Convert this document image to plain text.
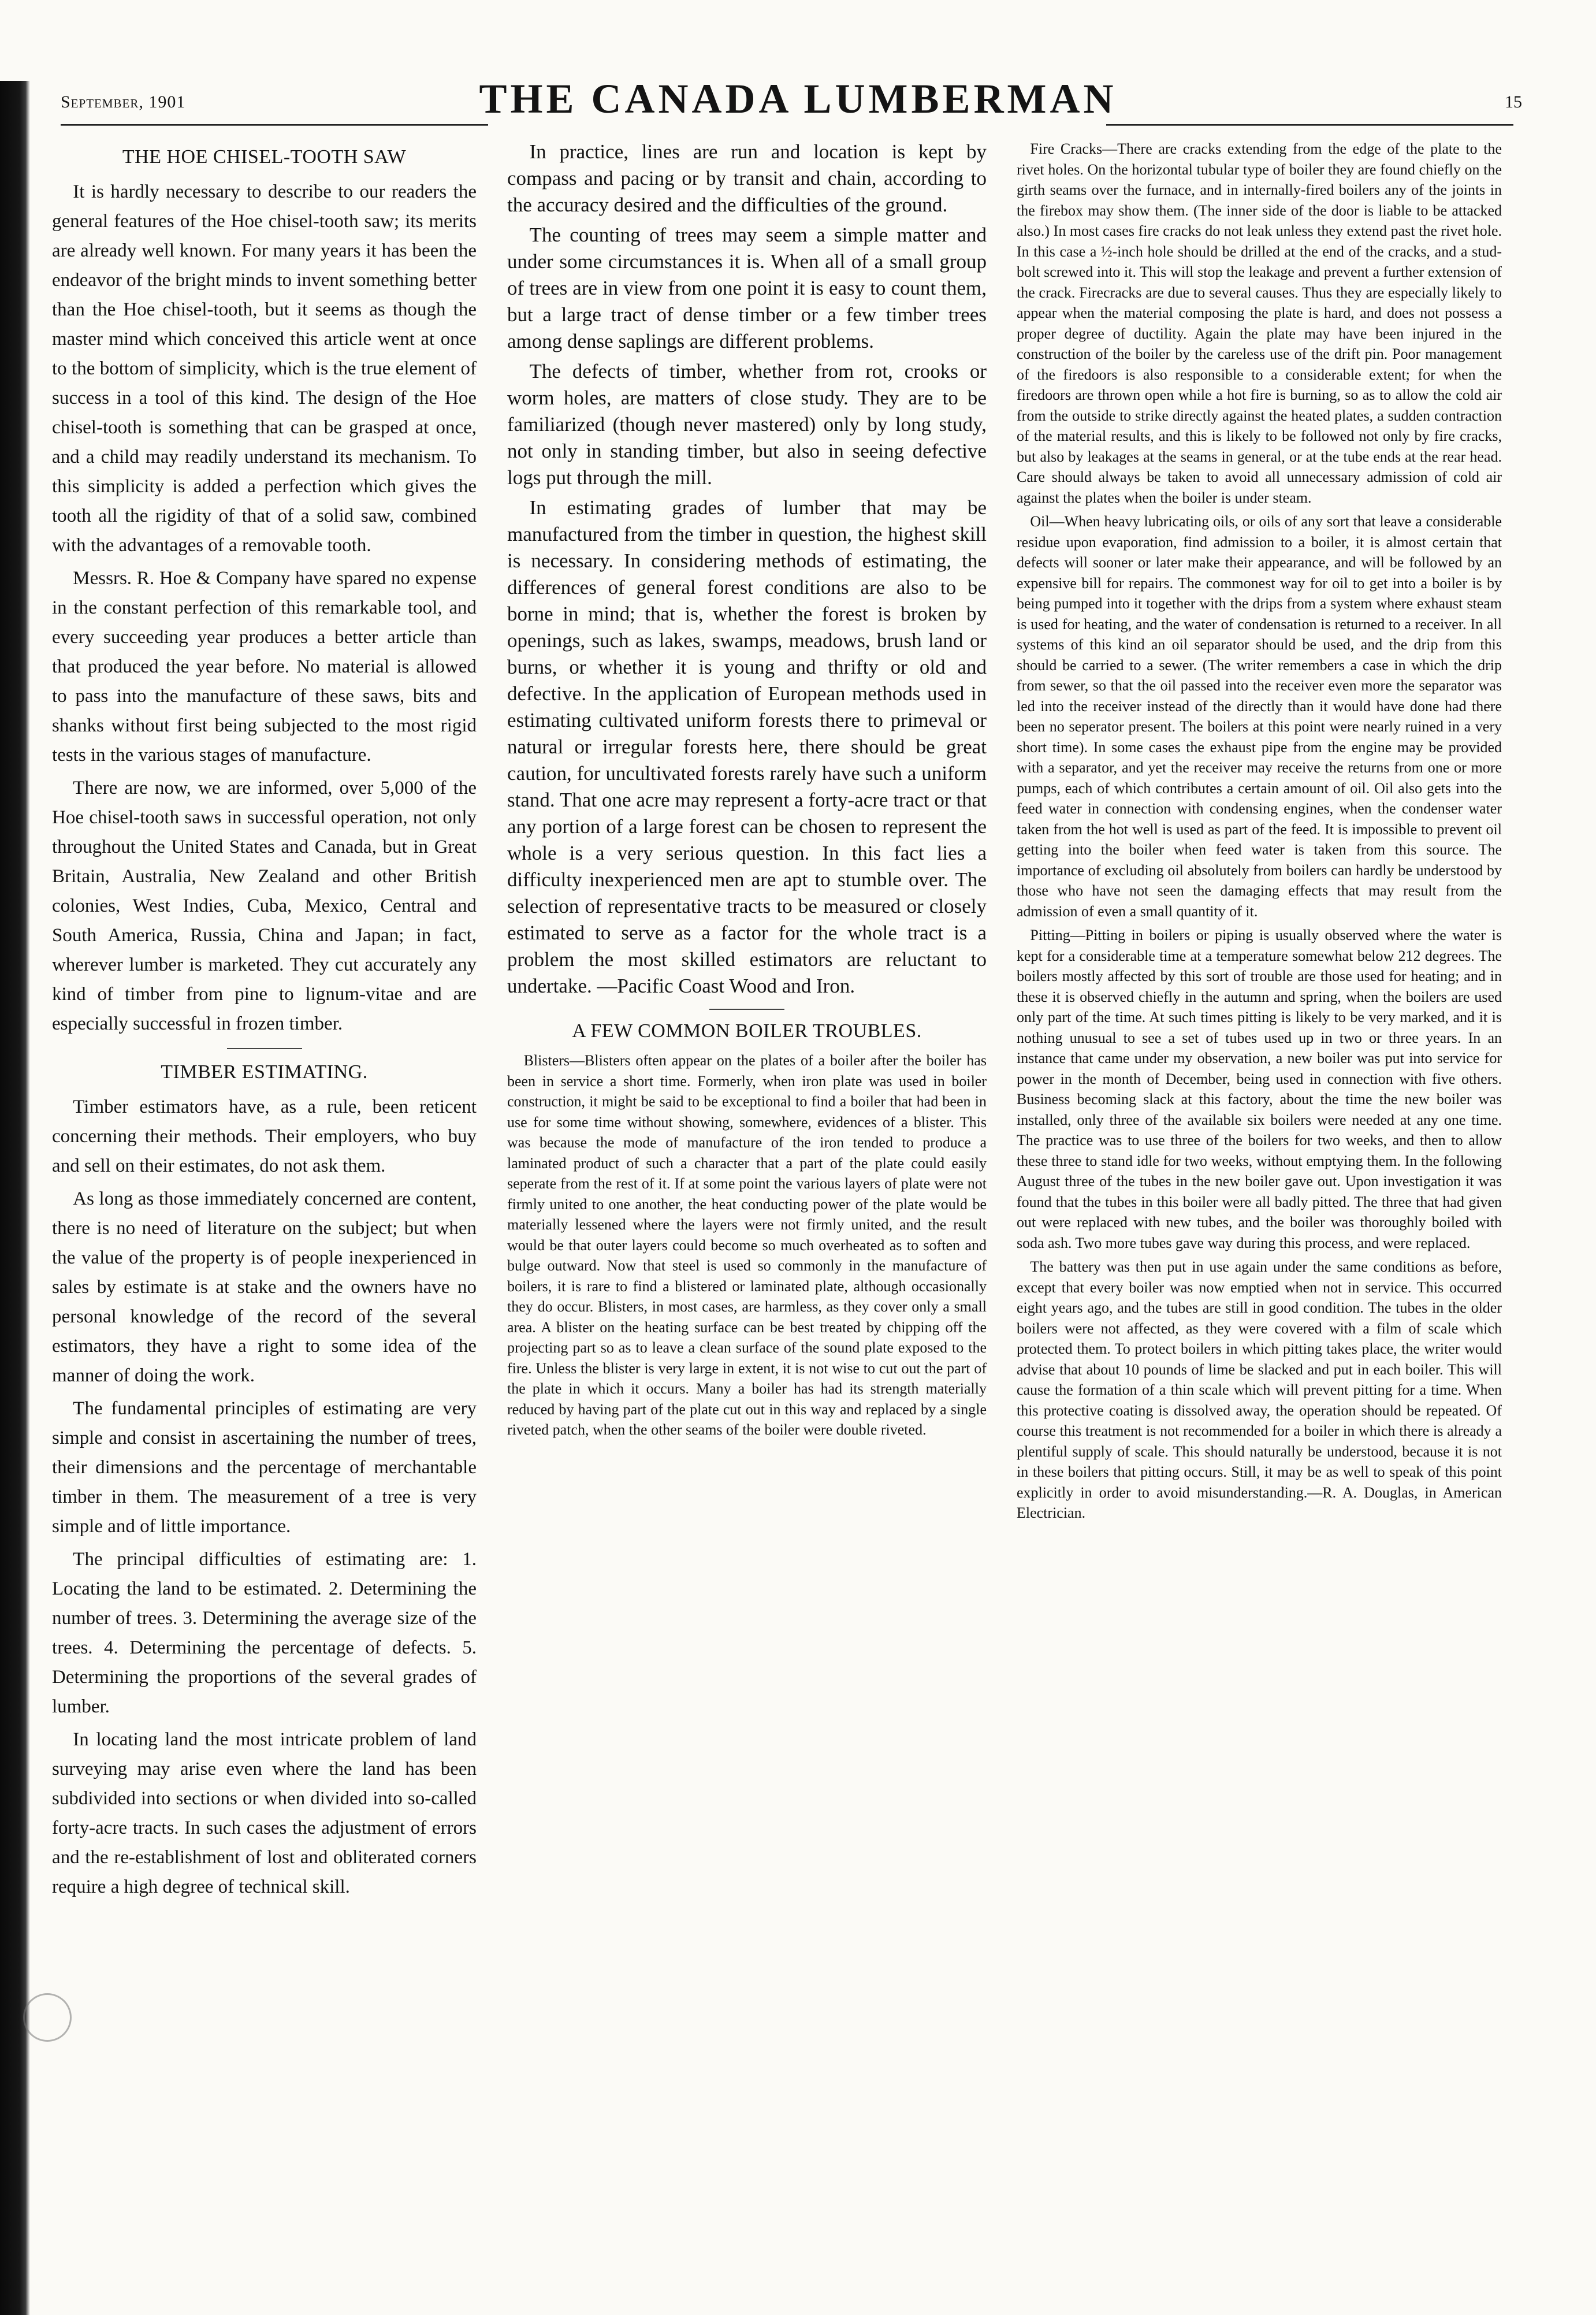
September, 1901	THE CANADA LUMBERMAN	15
THE HOE CHISEL-TOOTH SAW

It is hardly necessary to describe to our readers the general features of the Hoe chisel-tooth saw; its merits are already well known. For many years it has been the endeavor of the bright minds to invent something better than the Hoe chisel-tooth, but it seems as though the master mind which conceived this article went at once to the bottom of simplicity, which is the true element of success in a tool of this kind. The design of the Hoe chisel-tooth is something that can be grasped at once, and a child may readily understand its mechanism. To this simplicity is added a perfection which gives the tooth all the rigidity of that of a solid saw, combined with the advantages of a removable tooth.

Messrs. R. Hoe & Company have spared no expense in the constant perfection of this remarkable tool, and every succeeding year produces a better article than that produced the year before. No material is allowed to pass into the manufacture of these saws, bits and shanks without first being subjected to the most rigid tests in the various stages of manufacture.

There are now, we are informed, over 5,000 of the Hoe chisel-tooth saws in successful operation, not only throughout the United States and Canada, but in Great Britain, Australia, New Zealand and other British colonies, West Indies, Cuba, Mexico, Central and South America, Russia, China and Japan; in fact, wherever lumber is marketed. They cut accurately any kind of timber from pine to lignum-vitae and are especially successful in frozen timber.

TIMBER ESTIMATING.

Timber estimators have, as a rule, been reticent concerning their methods. Their employers, who buy and sell on their estimates, do not ask them.

As long as those immediately concerned are content, there is no need of literature on the subject; but when the value of the property is of people inexperienced in sales by estimate is at stake and the owners have no personal knowledge of the record of the several estimators, they have a right to some idea of the manner of doing the work.

The fundamental principles of estimating are very simple and consist in ascertaining the number of trees, their dimensions and the percentage of merchantable timber in them. The measurement of a tree is very simple and of little importance.

The principal difficulties of estimating are: 1. Locating the land to be estimated. 2. Determining the number of trees. 3. Determining the average size of the trees. 4. Determining the percentage of defects. 5. Determining the proportions of the several grades of lumber.

In locating land the most intricate problem of land surveying may arise even where the land has been subdivided into sections or when divided into so-called forty-acre tracts. In such cases the adjustment of errors and the re-establishment of lost and obliterated corners require a high degree of technical skill.

In practice, lines are run and location is kept by compass and pacing or by transit and chain, according to the accuracy desired and the difficulties of the ground.

The counting of trees may seem a simple matter and under some circumstances it is. When all of a small group of trees are in view from one point it is easy to count them, but a large tract of dense timber or a few timber trees among dense saplings are different problems.

The defects of timber, whether from rot, crooks or worm holes, are matters of close study. They are to be familiarized (though never mastered) only by long study, not only in standing timber, but also in seeing defective logs put through the mill.

In estimating grades of lumber that may be manufactured from the timber in question, the highest skill is necessary. In considering methods of estimating, the differences of general forest conditions are also to be borne in mind; that is, whether the forest is broken by openings, such as lakes, swamps, meadows, brush land or burns, or whether it is young and thrifty or old and defective. In the application of European methods used in estimating cultivated uniform forests there to primeval or natural or irregular forests here, there should be great caution, for uncultivated forests rarely have such a uniform stand. That one acre may represent a forty-acre tract or that any portion of a large forest can be chosen to represent the whole is a very serious question. In this fact lies a difficulty inexperienced men are apt to stumble over. The selection of representative tracts to be measured or closely estimated to serve as a factor for the whole tract is a problem the most skilled estimators are reluctant to undertake. —Pacific Coast Wood and Iron.

A FEW COMMON BOILER TROUBLES.

Blisters—Blisters often appear on the plates of a boiler after the boiler has been in service a short time. Formerly, when iron plate was used in boiler construction, it might be said to be exceptional to find a boiler that had been in use for some time without showing, somewhere, evidences of a blister. This was because the mode of manufacture of the iron tended to produce a laminated product of such a character that a part of the plate could easily seperate from the rest of it. If at some point the various layers of plate were not firmly united to one another, the heat conducting power of the plate would be materially lessened where the layers were not firmly united, and the result would be that outer layers could become so much overheated as to soften and bulge outward. Now that steel is used so commonly in the manufacture of boilers, it is rare to find a blistered or laminated plate, although occasionally they do occur. Blisters, in most cases, are harmless, as they cover only a small area. A blister on the heating surface can be best treated by chipping off the projecting part so as to leave a clean surface of the sound plate exposed to the fire. Unless the blister is very large in extent, it is not wise to cut out the part of the plate in which it occurs. Many a boiler has had its strength materially reduced by having part of the plate cut out in this way and replaced by a single riveted patch, when the other seams of the boiler were double riveted.

Fire Cracks—There are cracks extending from the edge of the plate to the rivet holes. On the horizontal tubular type of boiler they are found chiefly on the girth seams over the furnace, and in internally-fired boilers any of the joints in the firebox may show them. (The inner side of the door is liable to be attacked also.) In most cases fire cracks do not leak unless they extend past the rivet hole. In this case a ½-inch hole should be drilled at the end of the cracks, and a stud-bolt screwed into it. This will stop the leakage and prevent a further extension of the crack. Firecracks are due to several causes. Thus they are especially likely to appear when the material composing the plate is hard, and does not possess a proper degree of ductility. Again the plate may have been injured in the construction of the boiler by the careless use of the drift pin. Poor management of the firedoors is also responsible to a considerable extent; for when the firedoors are thrown open while a hot fire is burning, so as to allow the cold air from the outside to strike directly against the heated plates, a sudden contraction of the material results, and this is likely to be followed not only by fire cracks, but also by leakages at the seams in general, or at the tube ends at the rear head. Care should always be taken to avoid all unnecessary admission of cold air against the plates when the boiler is under steam.

Oil—When heavy lubricating oils, or oils of any sort that leave a considerable residue upon evaporation, find admission to a boiler, it is almost certain that defects will sooner or later make their appearance, and will be followed by an expensive bill for repairs. The commonest way for oil to get into a boiler is by being pumped into it together with the drips from a system where exhaust steam is used for heating, and the water of condensation is returned to a receiver. In all systems of this kind an oil separator should be used, and the drip from this should be carried to a sewer. (The writer remembers a case in which the drip from sewer, so that the oil passed into the receiver even more the separator was led into the receiver instead of the directly than it would have done had there been no seperator present. The boilers at this point were nearly ruined in a very short time). In some cases the exhaust pipe from the engine may be provided with a separator, and yet the receiver may receive the returns from one or more pumps, each of which contributes a certain amount of oil. Oil also gets into the feed water in connection with condensing engines, when the condenser water taken from the hot well is used as part of the feed. It is impossible to prevent oil getting into the boiler when feed water is taken from this source. The importance of excluding oil absolutely from boilers can hardly be understood by those who have not seen the damaging effects that may result from the admission of even a small quantity of it.

Pitting—Pitting in boilers or piping is usually observed where the water is kept for a considerable time at a temperature somewhat below 212 degrees. The boilers mostly affected by this sort of trouble are those used for heating; and in these it is observed chiefly in the autumn and spring, when the boilers are used only part of the time. At such times pitting is likely to be very marked, and it is nothing unusual to see a set of tubes used up in two or three years. In an instance that came under my observation, a new boiler was put into service for power in the month of December, being used in connection with five others. Business becoming slack at this factory, about the time the new boiler was installed, only three of the available six boilers were needed at any one time. The practice was to use three of the boilers for two weeks, and then to allow these three to stand idle for two weeks, without emptying them. In the following August three of the tubes in the new boiler gave out. Upon investigation it was found that the tubes in this boiler were all badly pitted. The three that had given out were replaced with new tubes, and the boiler was thoroughly boiled with soda ash. Two more tubes gave way during this process, and were replaced.

The battery was then put in use again under the same conditions as before, except that every boiler was now emptied when not in service. This occurred eight years ago, and the tubes are still in good condition. The tubes in the older boilers were not affected, as they were covered with a film of scale which protected them. To protect boilers in which pitting takes place, the writer would advise that about 10 pounds of lime be slacked and put in each boiler. This will cause the formation of a thin scale which will prevent pitting for a time. When this protective coating is dissolved away, the operation should be repeated. Of course this treatment is not recommended for a boiler in which there is already a plentiful supply of scale. This should naturally be understood, because it is not in these boilers that pitting occurs. Still, it may be as well to speak of this point explicitly in order to avoid misunderstanding.—R. A. Douglas, in American Electrician.
